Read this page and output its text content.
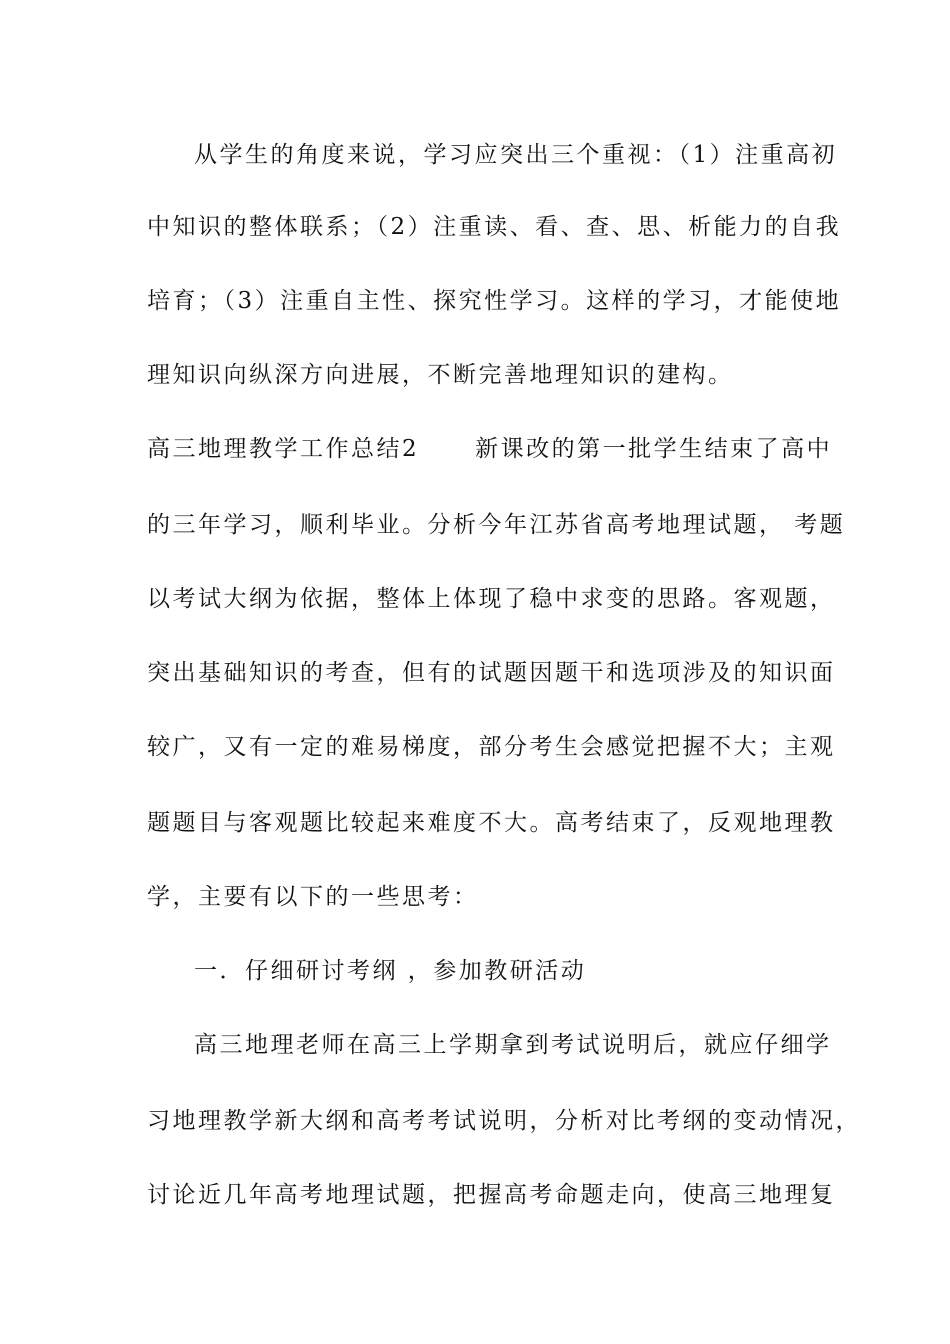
从学生的角度来说，学习应突出三个重视：（1）注重高初
中知识的整体联系；（2）注重读、看、查、思、析能力的自我
培育；（3）注重自主性、探究性学习。这样的学习，才能使地
理知识向纵深方向进展，不断完善地理知识的建构。
高三地理教学工作总结2 新课改的第一批学生结束了高中
的三年学习，顺利毕业。分析今年江苏省高考地理试题， 考题
以考试大纲为依据，整体上体现了稳中求变的思路。客观题，
突出基础知识的考查，但有的试题因题干和选项涉及的知识面
较广，又有一定的难易梯度，部分考生会感觉把握不大；主观
题题目与客观题比较起来难度不大。高考结束了，反观地理教
学，主要有以下的一些思考：
一．仔细研讨考纲 ，参加教研活动
高三地理老师在高三上学期拿到考试说明后，就应仔细学
习地理教学新大纲和高考考试说明，分析对比考纲的变动情况，
讨论近几年高考地理试题，把握高考命题走向，使高三地理复
